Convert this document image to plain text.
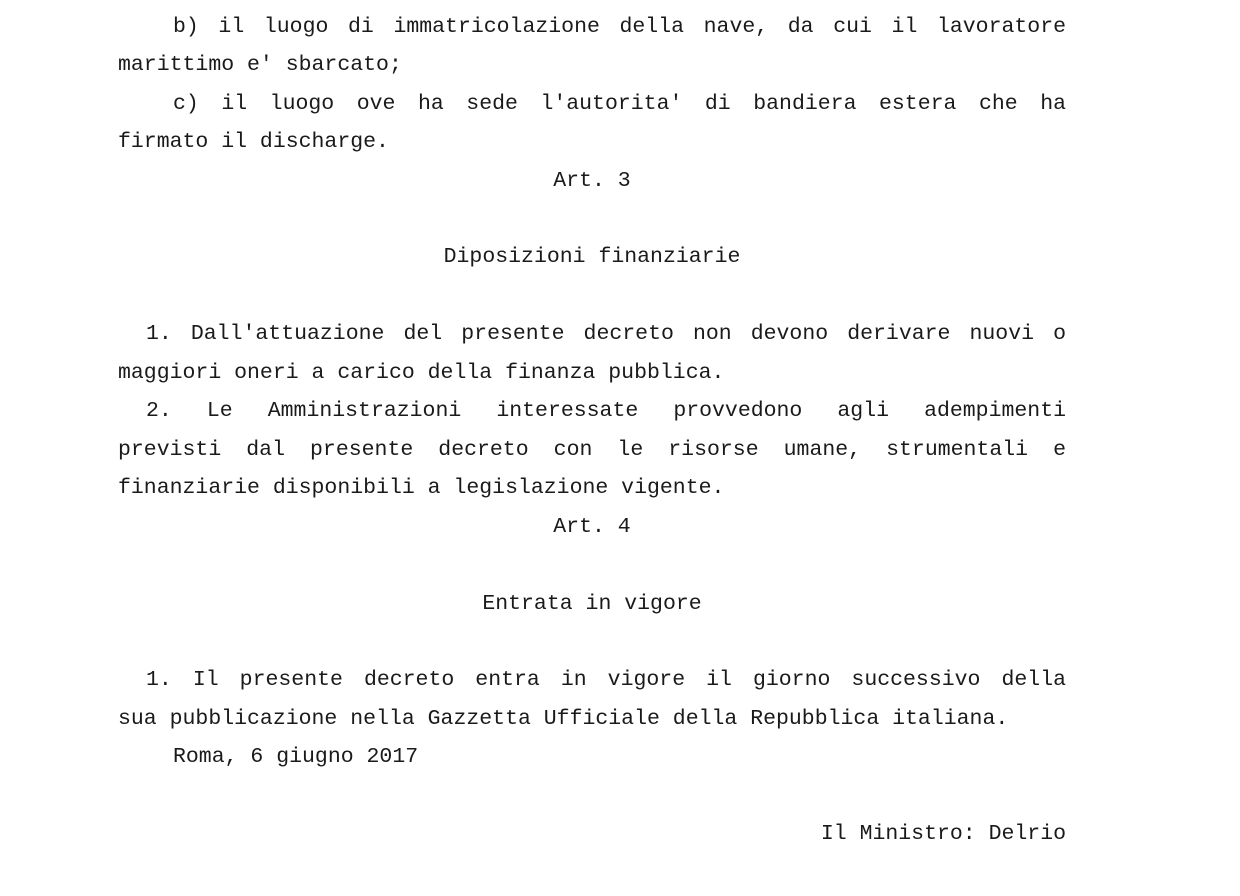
b) il luogo di immatricolazione della nave, da cui il lavoratore
marittimo e' sbarcato;
c) il luogo ove ha sede l'autorita' di bandiera estera che ha
firmato il discharge.
Art. 3
Diposizioni finanziarie
1. Dall'attuazione del presente decreto non devono derivare nuovi o
maggiori oneri a carico della finanza pubblica.
2. Le Amministrazioni interessate provvedono agli adempimenti
previsti dal presente decreto con le risorse umane, strumentali e
finanziarie disponibili a legislazione vigente.
Art. 4
Entrata in vigore
1. Il presente decreto entra in vigore il giorno successivo della
sua pubblicazione nella Gazzetta Ufficiale della Repubblica italiana.
Roma, 6 giugno 2017
Il Ministro: Delrio
